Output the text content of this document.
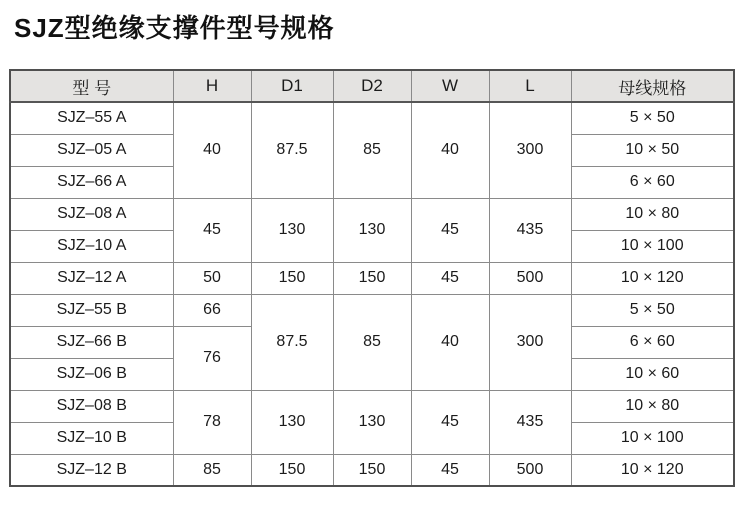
SJZ型绝缘支撑件型号规格
型 号	H	D1	D2	W	L	母线规格
SJZ–55 A	40	87.5	85	40	300	5 × 50
SJZ–05 A						10 × 50
SJZ–66 A						6 × 60
SJZ–08 A	45	130	130	45	435	10 × 80
SJZ–10 A						10 × 100
SJZ–12 A	50	150	150	45	500	10 × 120
SJZ–55 B	66	87.5	85	40	300	5 × 50
SJZ–66 B	76					6 × 60
SJZ–06 B						10 × 60
SJZ–08 B	78	130	130	45	435	10 × 80
SJZ–10 B						10 × 100
SJZ–12 B	85	150	150	45	500	10 × 120
